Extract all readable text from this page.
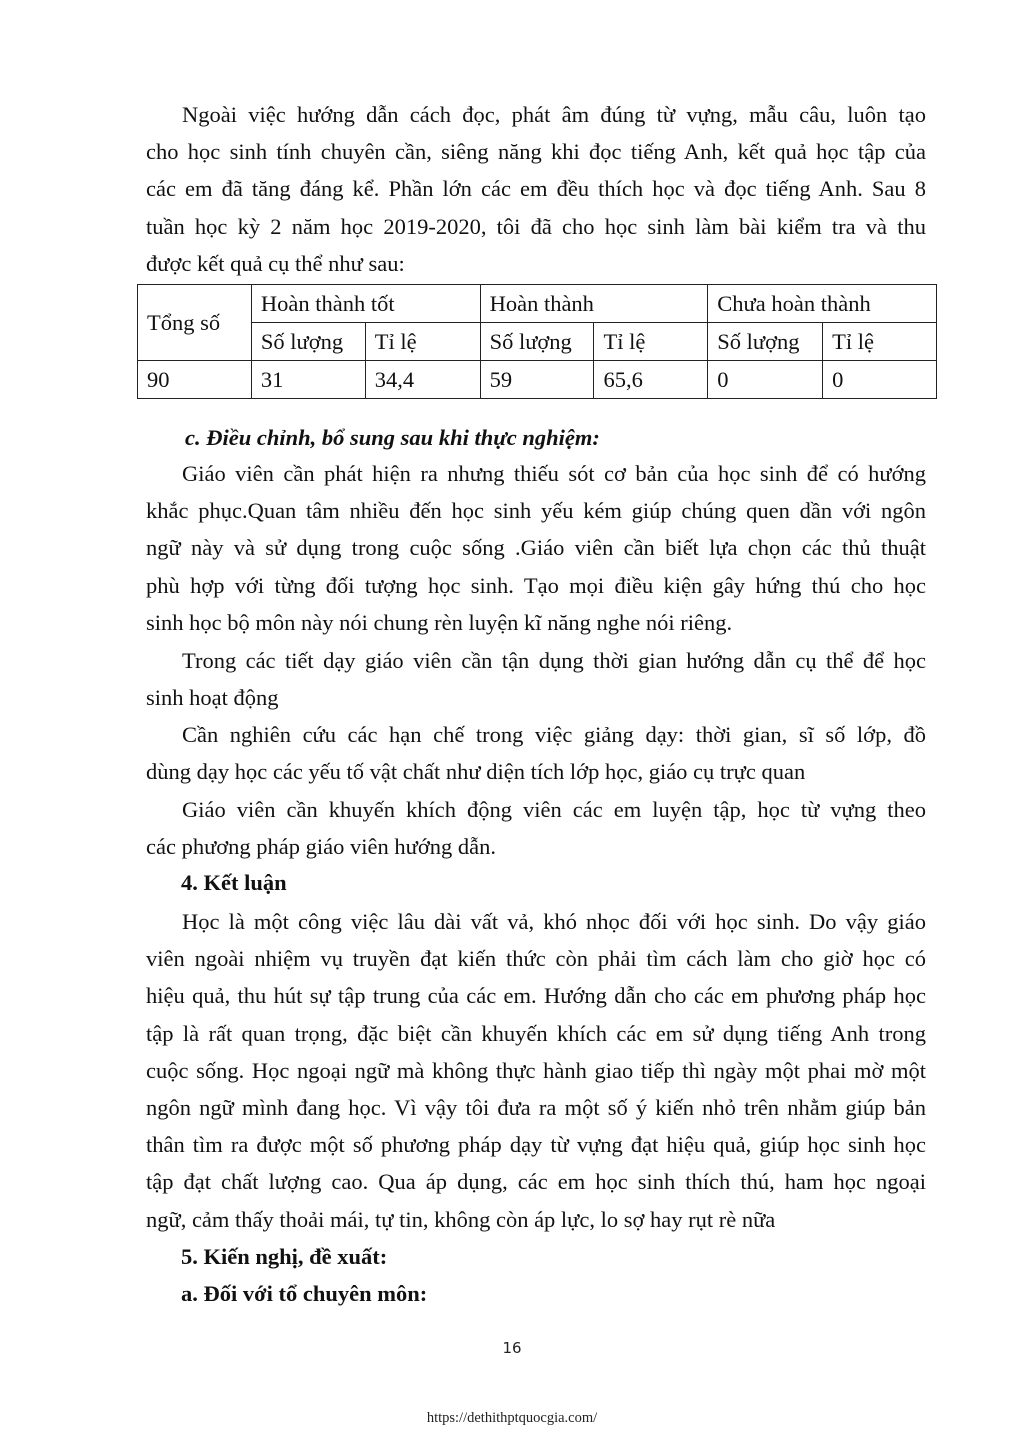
Ngoài việc hướng dẫn cách đọc, phát âm đúng từ vựng, mẫu câu, luôn tạo
cho học sinh tính chuyên cần, siêng năng khi đọc tiếng Anh, kết quả học tập của
các em đã tăng đáng kể. Phần lớn các em đều thích học và đọc tiếng Anh. Sau 8
tuần học kỳ 2 năm học 2019-2020, tôi đã cho học sinh làm bài kiểm tra và thu
được kết quả cụ thể như sau:
Tổng số	Hoàn thành tốt		Hoàn thành		Chưa hoàn thành	
	Số lượng	Tỉ lệ	Số lượng	Tỉ lệ	Số lượng	Tỉ lệ
90	31	34,4	59	65,6	0	0
c. Điều chỉnh, bổ sung sau khi thực nghiệm:
Giáo viên cần phát hiện ra nhưng thiếu sót cơ bản của học sinh để có hướng
khắc phục.Quan tâm nhiều đến học sinh yếu kém giúp chúng quen dần với ngôn
ngữ này và sử dụng trong cuộc sống .Giáo viên cần biết lựa chọn các thủ thuật
phù hợp với từng đối tượng học sinh. Tạo mọi điều kiện gây hứng thú cho học
sinh học bộ môn này nói chung rèn luyện kĩ năng nghe nói riêng.
Trong các tiết dạy giáo viên cần tận dụng thời gian hướng dẫn cụ thể để học
sinh hoạt động
Cần nghiên cứu các hạn chế trong việc giảng dạy: thời gian, sĩ số lớp, đồ
dùng dạy học các yếu tố vật chất như diện tích lớp học, giáo cụ trực quan
Giáo viên cần khuyến khích động viên các em luyện tập, học từ vựng theo
các phương pháp giáo viên hướng dẫn.
4. Kết luận
Học là một công việc lâu dài vất vả, khó nhọc đối với học sinh. Do vậy giáo
viên ngoài nhiệm vụ truyền đạt kiến thức còn phải tìm cách làm cho giờ học có
hiệu quả, thu hút sự tập trung của các em. Hướng dẫn cho các em phương pháp học
tập là rất quan trọng, đặc biệt cần khuyến khích các em sử dụng tiếng Anh trong
cuộc sống. Học ngoại ngữ mà không thực hành giao tiếp thì ngày một phai mờ một
ngôn ngữ mình đang học. Vì vậy tôi đưa ra một số ý kiến nhỏ trên nhằm giúp bản
thân tìm ra được một số phương pháp dạy từ vựng đạt hiệu quả, giúp học sinh học
tập đạt chất lượng cao. Qua áp dụng, các em học sinh thích thú, ham học ngoại
ngữ, cảm thấy thoải mái, tự tin, không còn áp lực, lo sợ hay rụt rè nữa
5. Kiến nghị, đề xuất:
a. Đối với tổ chuyên môn:
16
https://dethithptquocgia.com/
